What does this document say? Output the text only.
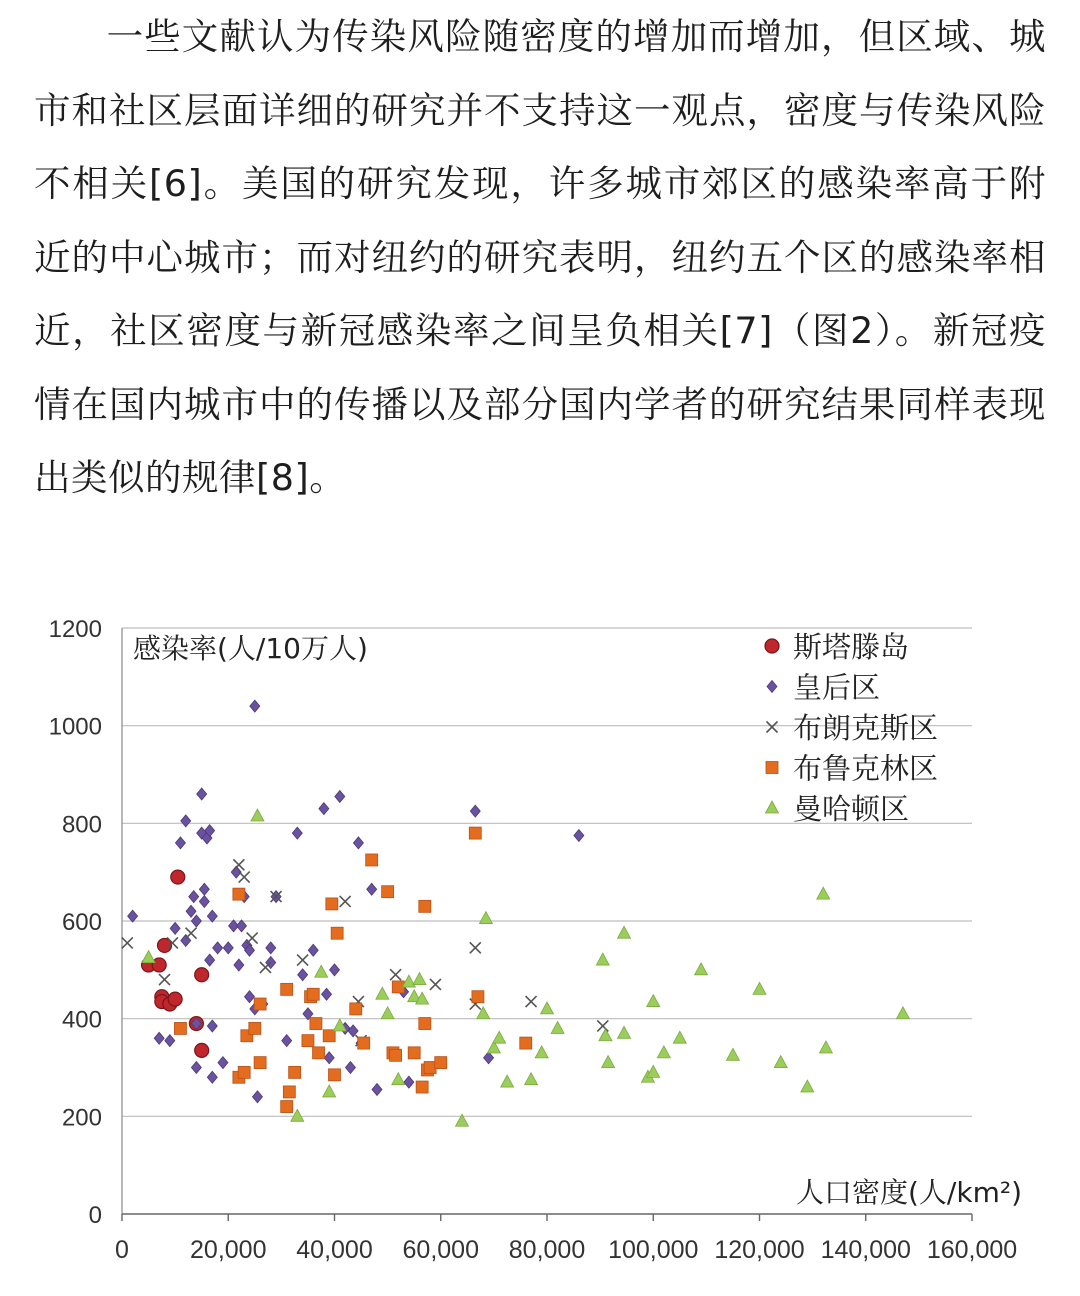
一些文献认为传染风险随密度的增加而增加，但区域、城市和社区层面详细的研究并不支持这一观点，密度与传染风险不相关[6]。美国的研究发现，许多城市郊区的感染率高于附近的中心城市；而对纽约的研究表明，纽约五个区的感染率相近，社区密度与新冠感染率之间呈负相关[7]（图2）。新冠疫情在国内城市中的传播以及部分国内学者的研究结果同样表现出类似的规律[8]。

0
200
400
600
800
1000
1200
0 20,000 40,000 60,000 80,000 100,000 120,000 140,000 160,000
感染率(人/10万人)
人口密度(人/km²)
斯塔滕岛
皇后区
布朗克斯区
布鲁克林区
曼哈顿区
